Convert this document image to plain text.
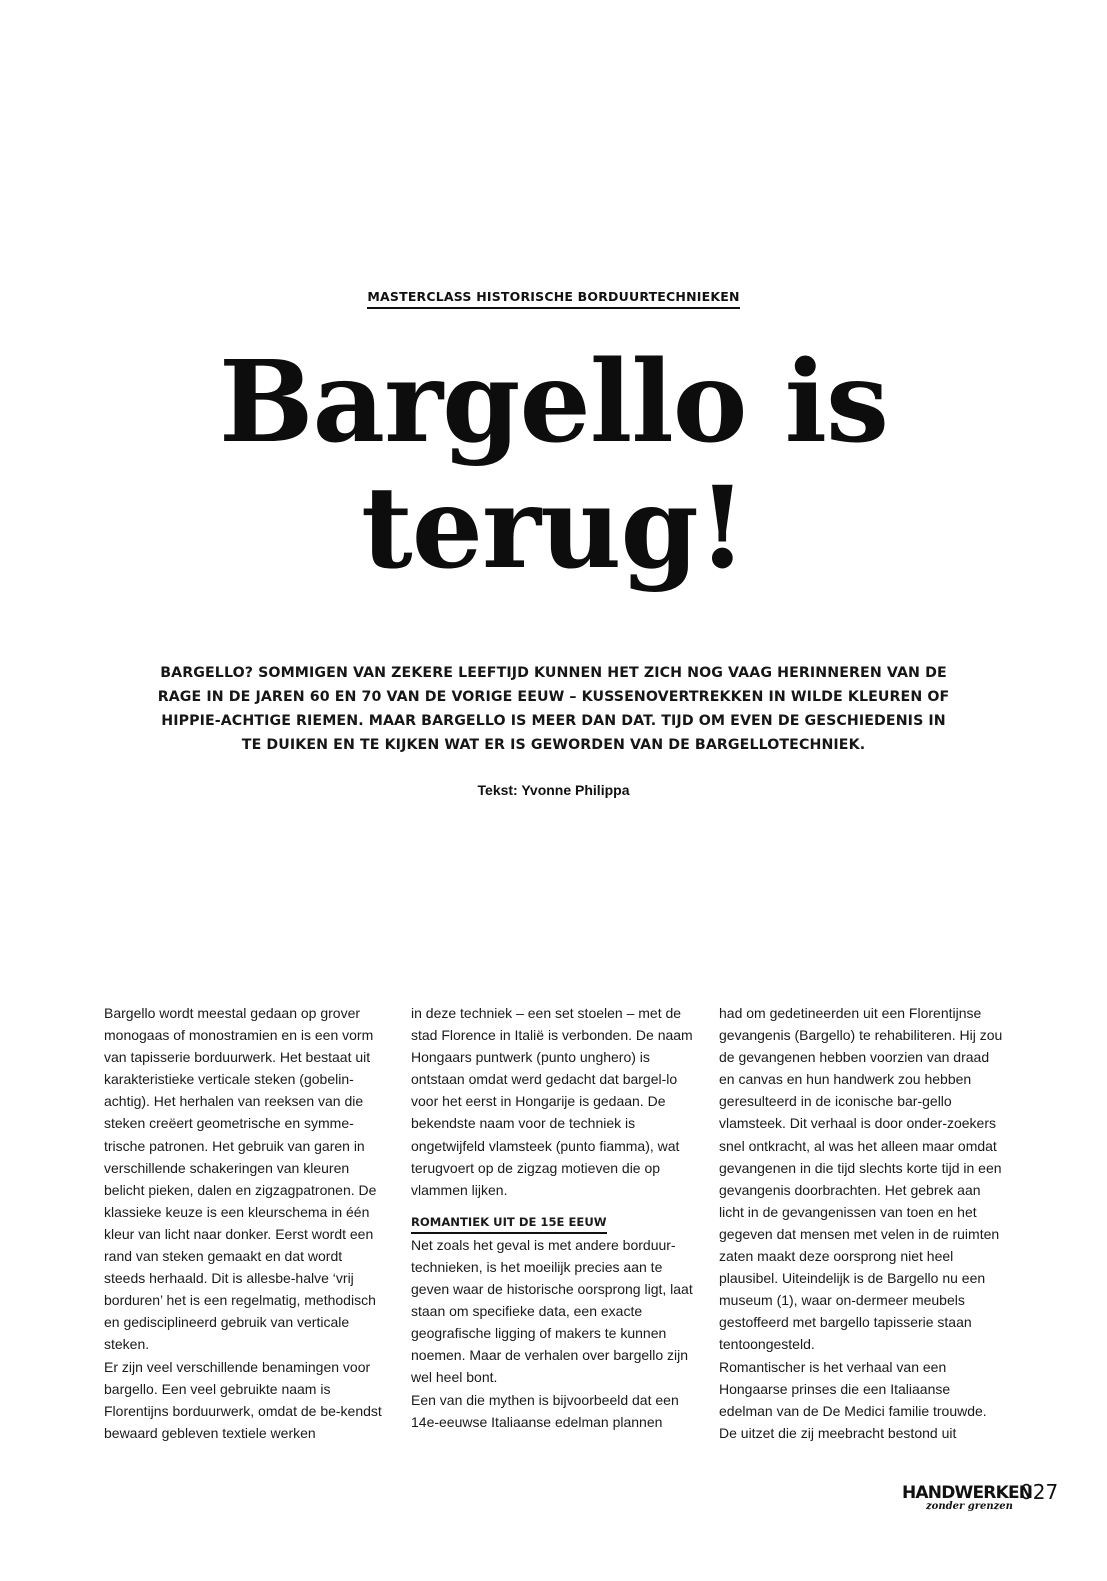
MASTERCLASS HISTORISCHE BORDUURTECHNIEKEN
Bargello is
terug!

BARGELLO? SOMMIGEN VAN ZEKERE LEEFTIJD KUNNEN HET ZICH NOG VAAG HERINNEREN VAN DE RAGE IN DE JAREN 60 EN 70 VAN DE VORIGE EEUW – KUSSENOVERTREKKEN IN WILDE KLEUREN OF HIPPIE-ACHTIGE RIEMEN. MAAR BARGELLO IS MEER DAN DAT. TIJD OM EVEN DE GESCHIEDENIS IN TE DUIKEN EN TE KIJKEN WAT ER IS GEWORDEN VAN DE BARGELLOTECHNIEK.

Tekst: Yvonne Philippa

Bargello wordt meestal gedaan op grover monogaas of monostramien en is een vorm van tapisserie borduurwerk. Het bestaat uit karakteristieke verticale steken (gobelin-achtig). Het herhalen van reeksen van die steken creëert geometrische en symme-trische patronen. Het gebruik van garen in verschillende schakeringen van kleuren belicht pieken, dalen en zigzagpatronen. De klassieke keuze is een kleurschema in één kleur van licht naar donker. Eerst wordt een rand van steken gemaakt en dat wordt steeds herhaald. Dit is allesbe-halve ‘vrij borduren’ het is een regelmatig, methodisch en gedisciplineerd gebruik van verticale steken.

Er zijn veel verschillende benamingen voor bargello. Een veel gebruikte naam is Florentijns borduurwerk, omdat de be-kendst bewaard gebleven textiele werken

in deze techniek – een set stoelen – met de stad Florence in Italië is verbonden. De naam Hongaars puntwerk (punto unghero) is ontstaan omdat werd gedacht dat bargel-lo voor het eerst in Hongarije is gedaan. De bekendste naam voor de techniek is ongetwijfeld vlamsteek (punto fiamma), wat terugvoert op de zigzag motieven die op vlammen lijken.

ROMANTIEK UIT DE 15E EEUW

Net zoals het geval is met andere borduur-technieken, is het moeilijk precies aan te geven waar de historische oorsprong ligt, laat staan om specifieke data, een exacte geografische ligging of makers te kunnen noemen. Maar de verhalen over bargello zijn wel heel bont.

Een van die mythen is bijvoorbeeld dat een 14e-eeuwse Italiaanse edelman plannen

had om gedetineerden uit een Florentijnse gevangenis (Bargello) te rehabiliteren. Hij zou de gevangenen hebben voorzien van draad en canvas en hun handwerk zou hebben geresulteerd in de iconische bar-gello vlamsteek. Dit verhaal is door onder-zoekers snel ontkracht, al was het alleen maar omdat gevangenen in die tijd slechts korte tijd in een gevangenis doorbrachten. Het gebrek aan licht in de gevangenissen van toen en het gegeven dat mensen met velen in de ruimten zaten maakt deze oorsprong niet heel plausibel. Uiteindelijk is de Bargello nu een museum (1), waar on-dermeer meubels gestoffeerd met bargello tapisserie staan tentoongesteld.

Romantischer is het verhaal van een Hongaarse prinses die een Italiaanse edelman van de De Medici familie trouwde. De uitzet die zij meebracht bestond uit

HANDWERKEN
zonder grenzen
027
